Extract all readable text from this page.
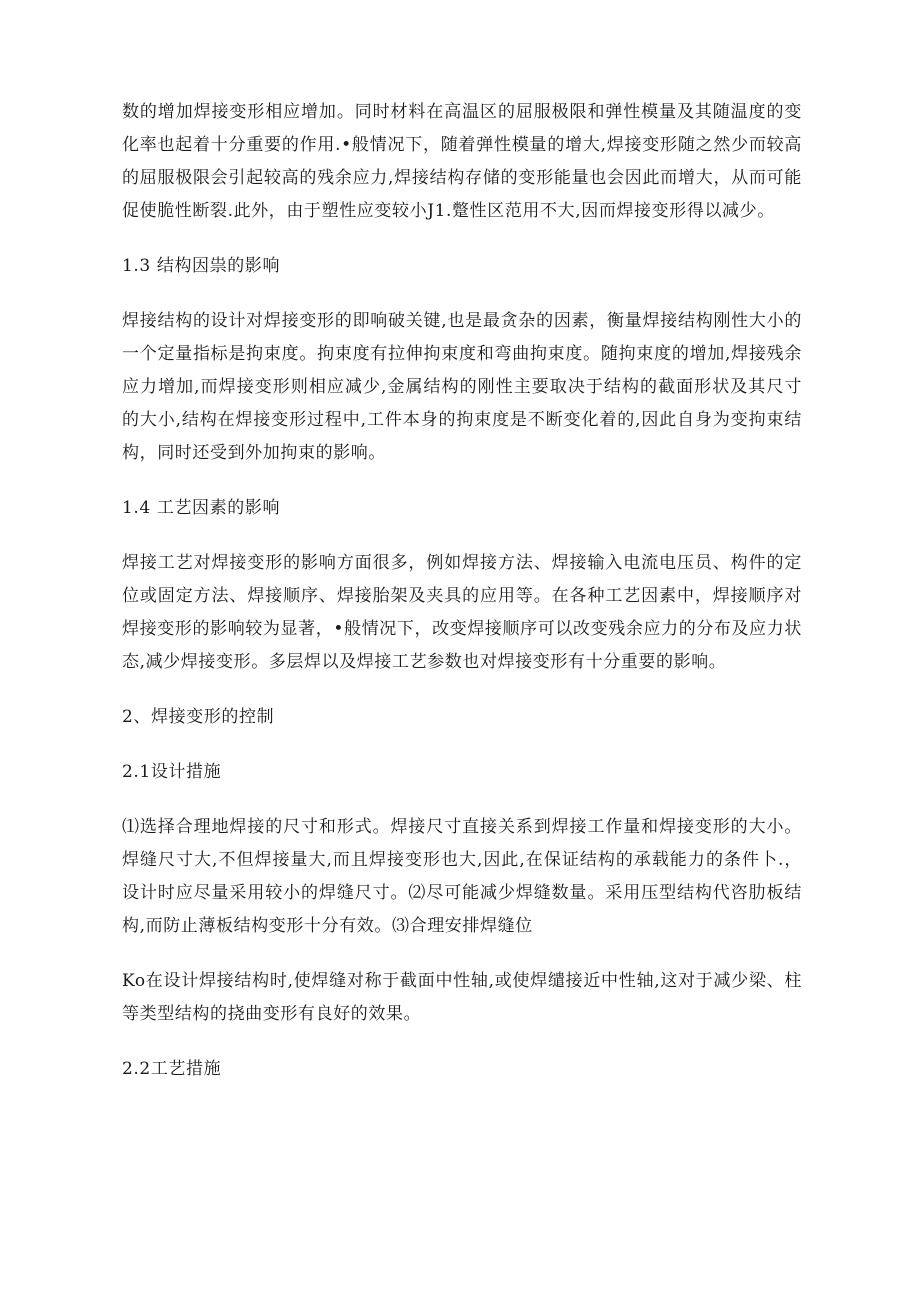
数的增加焊接变形相应增加。同时材料在高温区的屈服极限和弹性模量及其随温度的变化率也起着十分重要的作用.•般情况下，随着弹性模量的增大,焊接变形随之然少而较高的屈服极限会引起较高的残余应力,焊接结构存储的变形能量也会因此而增大，从而可能促使脆性断裂.此外，由于塑性应变较小J1.蹩性区范用不大,因而焊接变形得以减少。

1.3 结构因祟的影响

焊接结构的设计对焊接变形的即响破关键,也是最贪杂的因素，衡量焊接结构刚性大小的一个定量指标是拘束度。拘束度有拉伸拘束度和弯曲拘束度。随拘束度的增加,焊接残余应力增加,而焊接变形则相应减少,金属结构的刚性主要取决于结构的截面形状及其尺寸的大小,结构在焊接变形过程中,工件本身的拘束度是不断变化着的,因此自身为变拘束结构，同时还受到外加拘束的影响。

1.4 工艺因素的影响

焊接工艺对焊接变形的影响方面很多，例如焊接方法、焊接输入电流电压员、构件的定位或固定方法、焊接顺序、焊接胎架及夹具的应用等。在各种工艺因素中，焊接顺序对焊接变形的影响较为显著，•般情况下，改变焊接顺序可以改变残余应力的分布及应力状态,减少焊接变形。多层焊以及焊接工艺参数也对焊接变形有十分重要的影响。

2、焊接变形的控制

2.1设计措施

⑴选择合理地焊接的尺寸和形式。焊接尺寸直接关系到焊接工作量和焊接变形的大小。焊缝尺寸大,不但焊接量大,而且焊接变形也大,因此,在保证结构的承载能力的条件卜.，设计时应尽量采用较小的焊缝尺寸。⑵尽可能减少焊缝数量。采用压型结构代咨肋板结构,而防止薄板结构变形十分有效。⑶合理安排焊缝位

Ko在设计焊接结构时,使焊缝对称于截面中性轴,或使焊缱接近中性轴,这对于减少梁、柱等类型结构的挠曲变形有良好的效果。

2.2工艺措施
